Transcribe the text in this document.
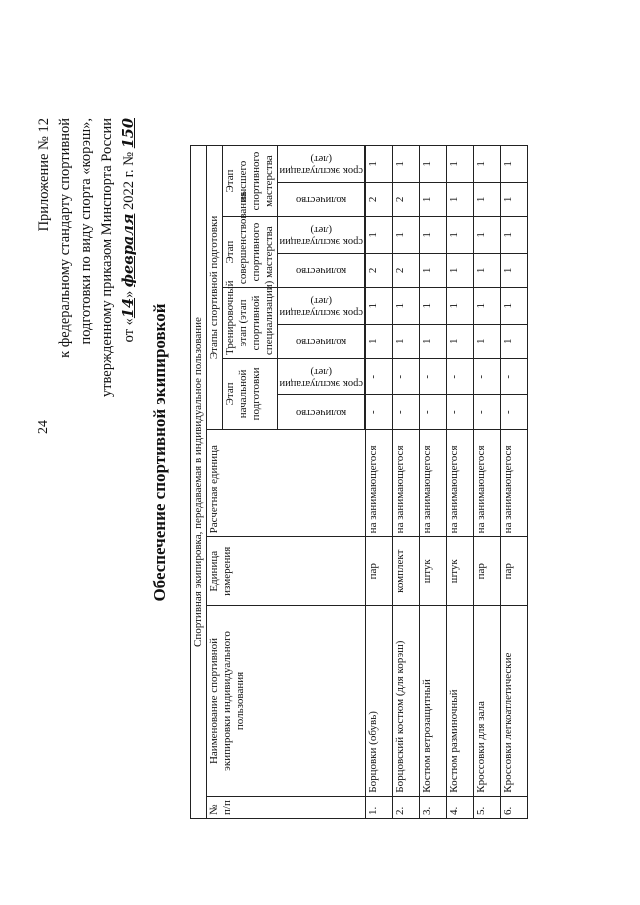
24
Приложение № 12 к федеральному стандарту спортивной подготовки по виду спорта «корэш», утвержденному приказом Минспорта России от «14» февраля 2022 г. № 150
Обеспечение спортивной экипировкой Спортивная экипировка, передаваемая в индивидуальное пользование											
№ п/п	Наименование спортивной экипировки индивидуального пользования	Единица измерения	Расчетная единица	Этапы спортивной подготовки							
				Этап начальной подготовки		Тренировочный этап (этап спортивной специализации)		Этап совершенствования спортивного мастерства		Этап высшего спортивного мастерства	

				количество	срок эксплуатации (лет)	количество	срок эксплуатации (лет)	количество	срок эксплуатации (лет)	количество	срок эксплуатации (лет)

1.	Борцовки (обувь)	пар	на занимающегося	-	-	1	1	2	1	2	1
2.	Борцовский костюм (для корэш)	комплект	на занимающегося	-	-	1	1	2	1	2	1
3.	Костюм ветрозащитный	штук	на занимающегося	-	-	1	1	1	1	1	1
4.	Костюм разминочный	штук	на занимающегося	-	-	1	1	1	1	1	1
5.	Кроссовки для зала	пар	на занимающегося	-	-	1	1	1	1	1	1
6.	Кроссовки легкоатлетические	пар	на занимающегося	-	-	1	1	1	1	1	1
